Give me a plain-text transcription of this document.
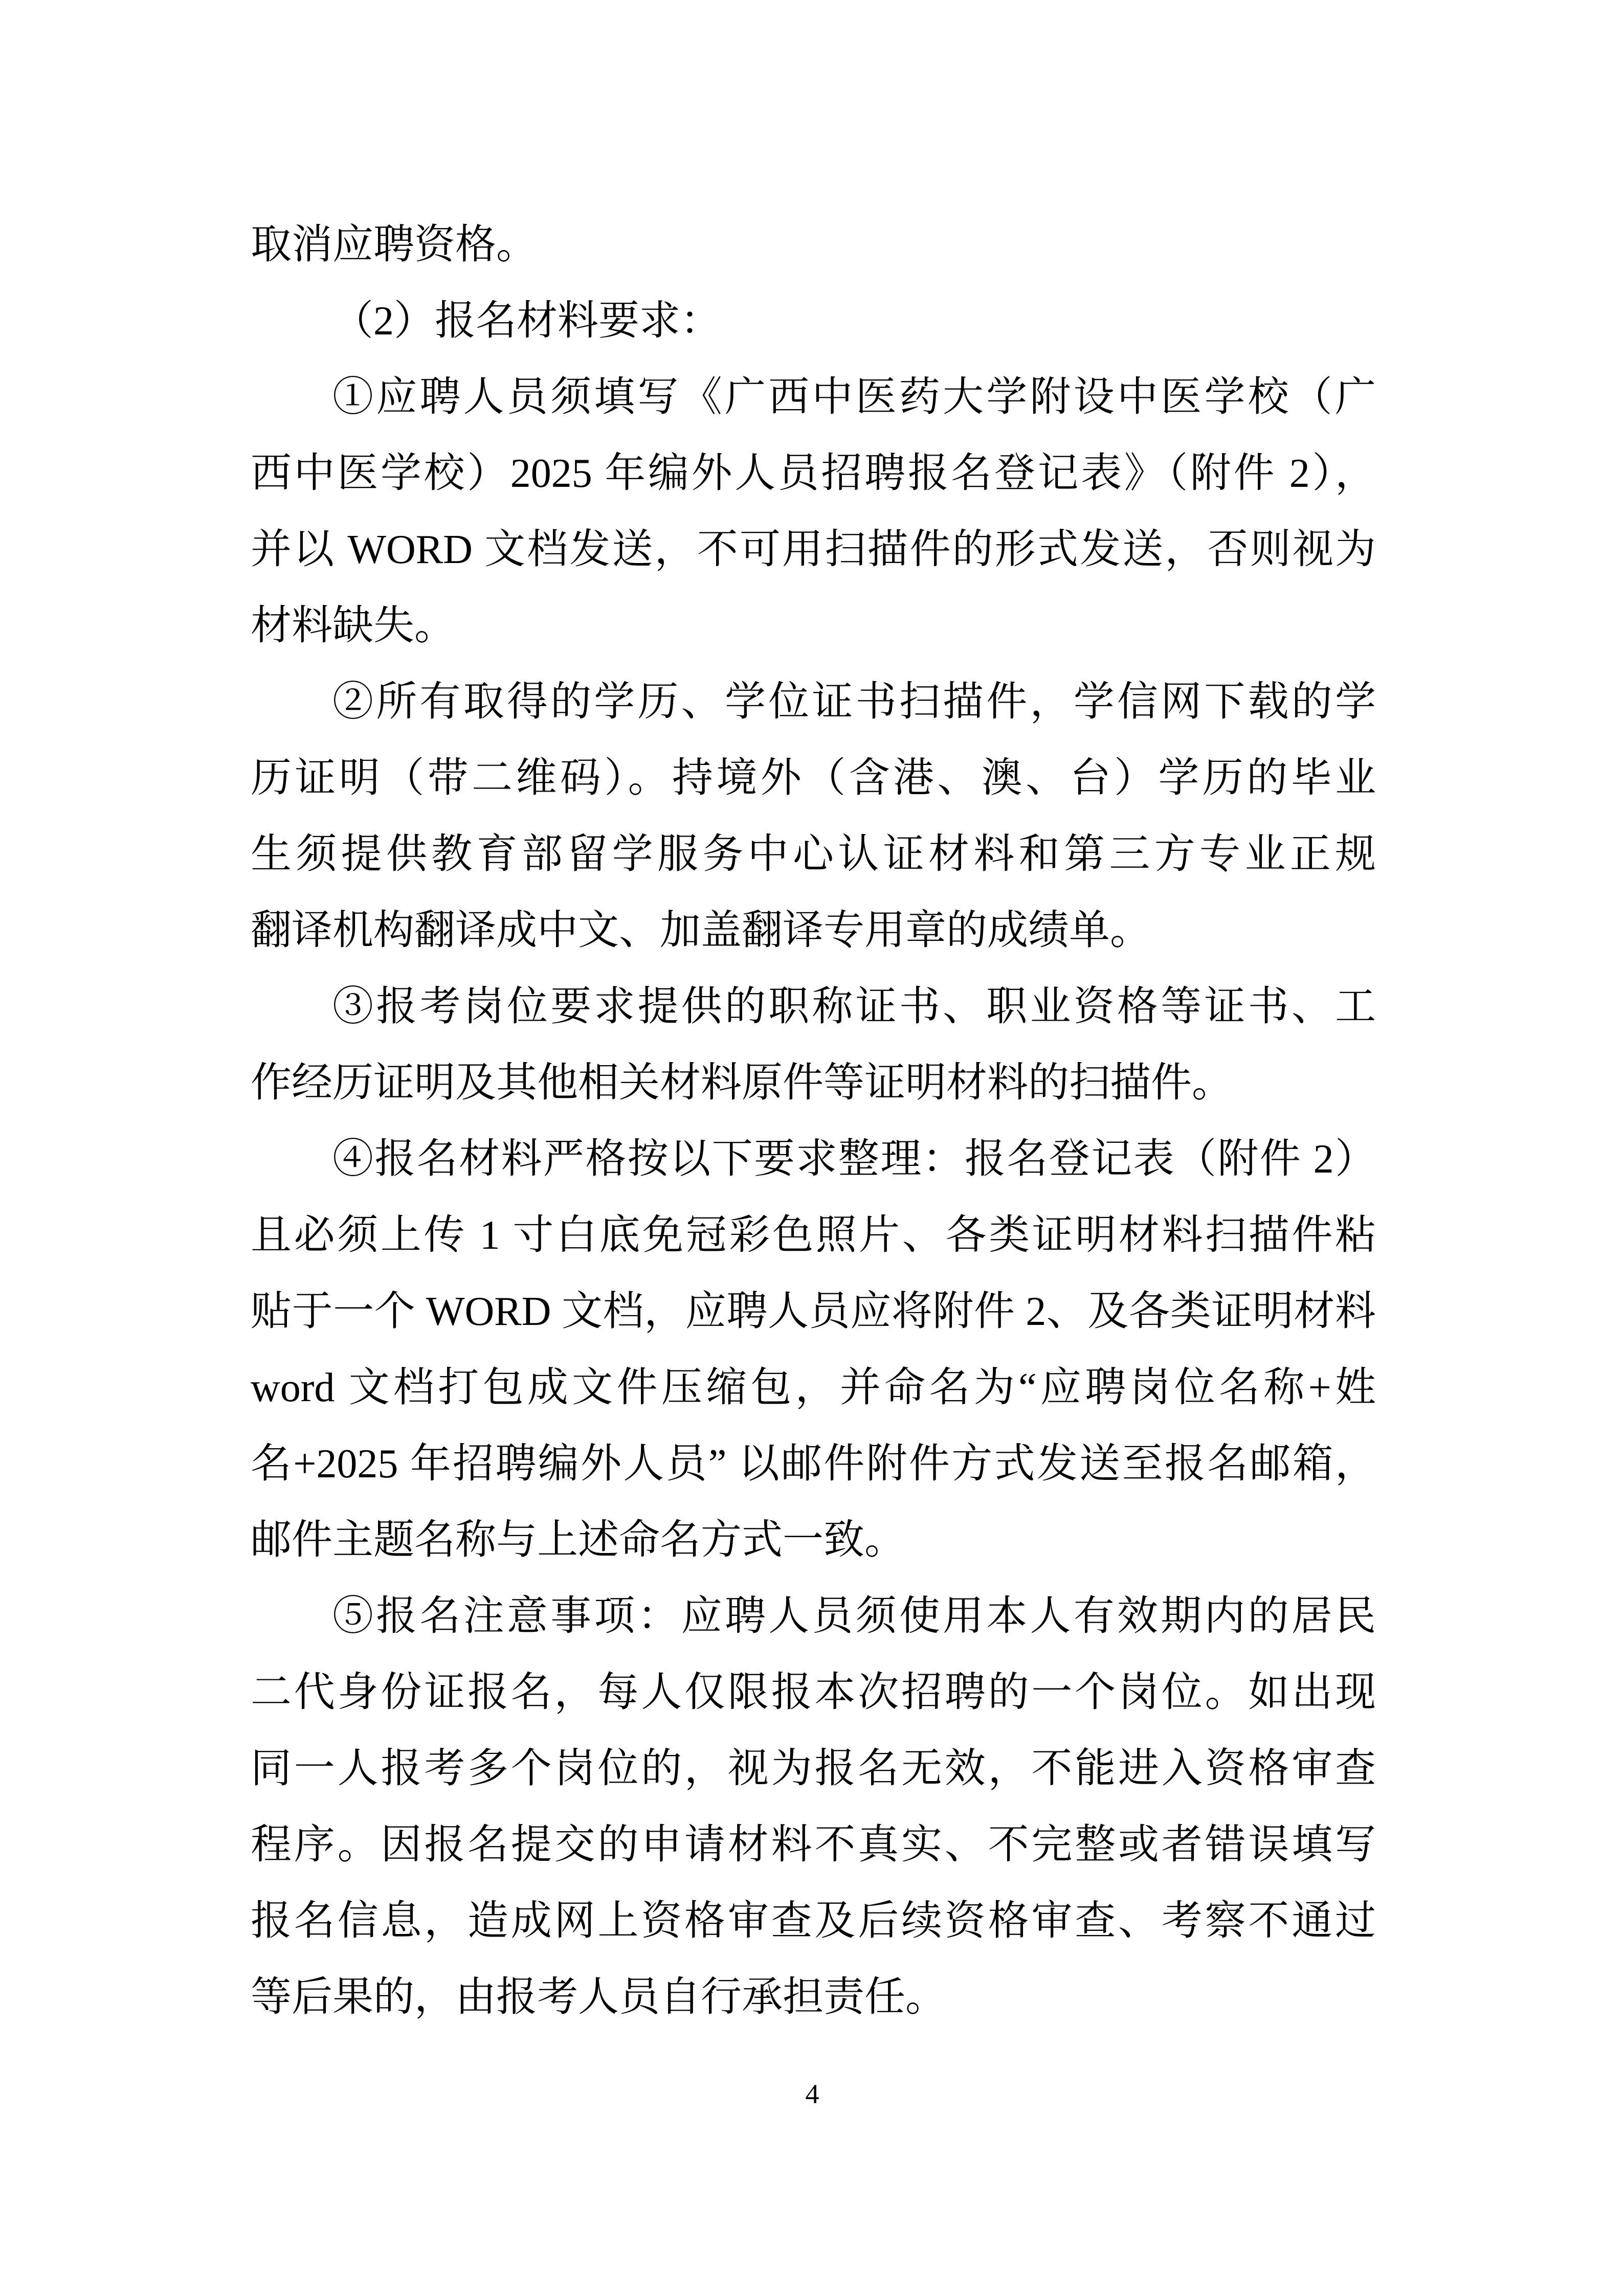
取消应聘资格。
（2）报名材料要求：
①应聘人员须填写《广西中医药大学附设中医学校（广
西中医学校）2025 年编外人员招聘报名登记表》（附件 2），
并以 WORD 文档发送，不可用扫描件的形式发送，否则视为
材料缺失。
②所有取得的学历、学位证书扫描件，学信网下载的学
历证明（带二维码）。持境外（含港、澳、台）学历的毕业
生须提供教育部留学服务中心认证材料和第三方专业正规
翻译机构翻译成中文、加盖翻译专用章的成绩单。
③报考岗位要求提供的职称证书、职业资格等证书、工
作经历证明及其他相关材料原件等证明材料的扫描件。
④报名材料严格按以下要求整理：报名登记表（附件 2）
且必须上传 1 寸白底免冠彩色照片、各类证明材料扫描件粘
贴于一个 WORD 文档，应聘人员应将附件 2、及各类证明材料
word 文档打包成文件压缩包，并命名为“应聘岗位名称+姓
名+2025 年招聘编外人员” 以邮件附件方式发送至报名邮箱，
邮件主题名称与上述命名方式一致。
⑤报名注意事项：应聘人员须使用本人有效期内的居民
二代身份证报名，每人仅限报本次招聘的一个岗位。如出现
同一人报考多个岗位的，视为报名无效，不能进入资格审查
程序。因报名提交的申请材料不真实、不完整或者错误填写
报名信息，造成网上资格审查及后续资格审查、考察不通过
等后果的，由报考人员自行承担责任。
4
